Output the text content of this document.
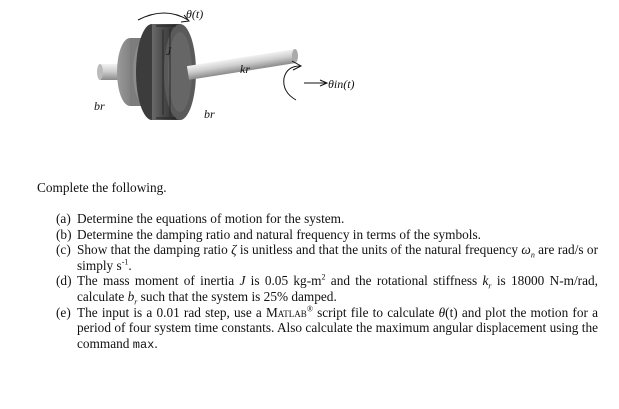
θ(t)
J
kr
θin(t)
br
br
Complete the following.
(a) Determine the equations of motion for the system.
(b) Determine the damping ratio and natural frequency in terms of the symbols.
(c) Show that the damping ratio ζ is unitless and that the units of the natural frequency $\omega_n$ are rad/s or simply $s^{-1}$.
(d) The mass moment of inertia J is 0.05 $kg-m^2$ and the rotational stiffness $k_r$ is 18000 N-m/rad, calculate $b_r$ such that the system is 25% damped.
(e) The input is a 0.01 rad step, use a Matlab® script file to calculate θ(t) and plot the motion for a period of four system time constants. Also calculate the maximum angular displacement using the command max.
